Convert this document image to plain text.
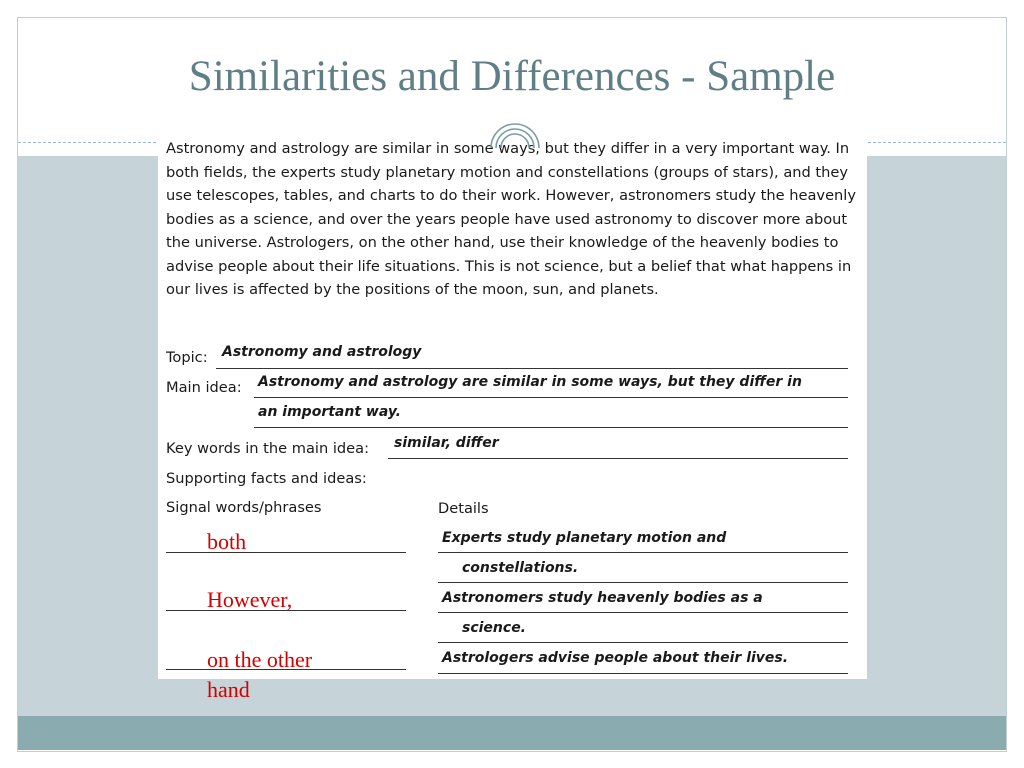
Similarities and Differences - Sample

Astronomy and astrology are similar in some ways, but they differ in a very important way. In both fields, the experts study planetary motion and constellations (groups of stars), and they use telescopes, tables, and charts to do their work. However, astronomers study the heavenly bodies as a science, and over the years people have used astronomy to discover more about the universe. Astrologers, on the other hand, use their knowledge of the heavenly bodies to advise people about their life situations. This is not science, but a belief that what happens in our lives is affected by the positions of the moon, sun, and planets.

Topic: Astronomy and astrology
Main idea: Astronomy and astrology are similar in some ways, but they differ in
an important way.
Key words in the main idea: similar, differ
Supporting facts and ideas:
Signal words/phrases	Details
Experts study planetary motion and
constellations.
Astronomers study heavenly bodies as a
science.
Astrologers advise people about their lives.
both
However,
on the other
hand
